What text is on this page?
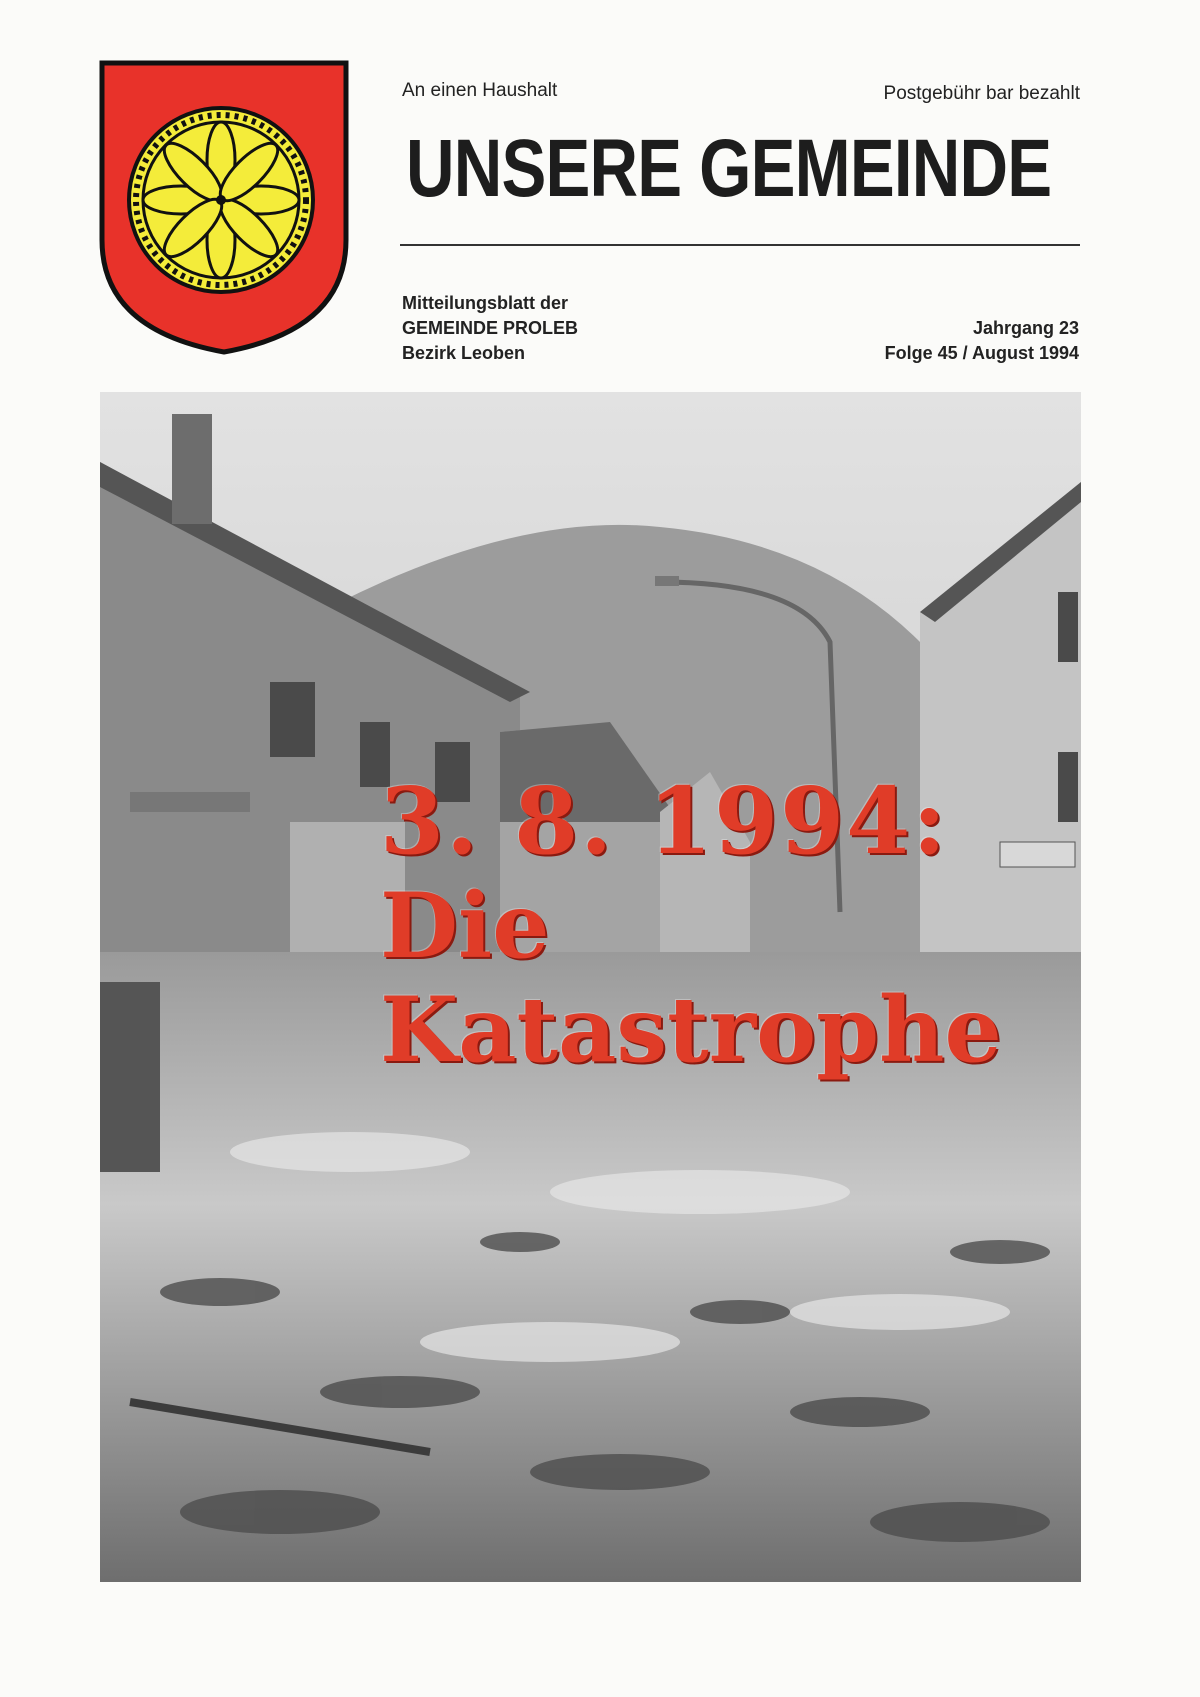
An einen Haushalt	Postgebühr bar bezahlt
UNSERE GEMEINDE
Mitteilungsblatt der
GEMEINDE PROLEB
Bezirk Leoben
Jahrgang 23
Folge 45 / August 1994
3. 8. 1994:
Die
Katastrophe
